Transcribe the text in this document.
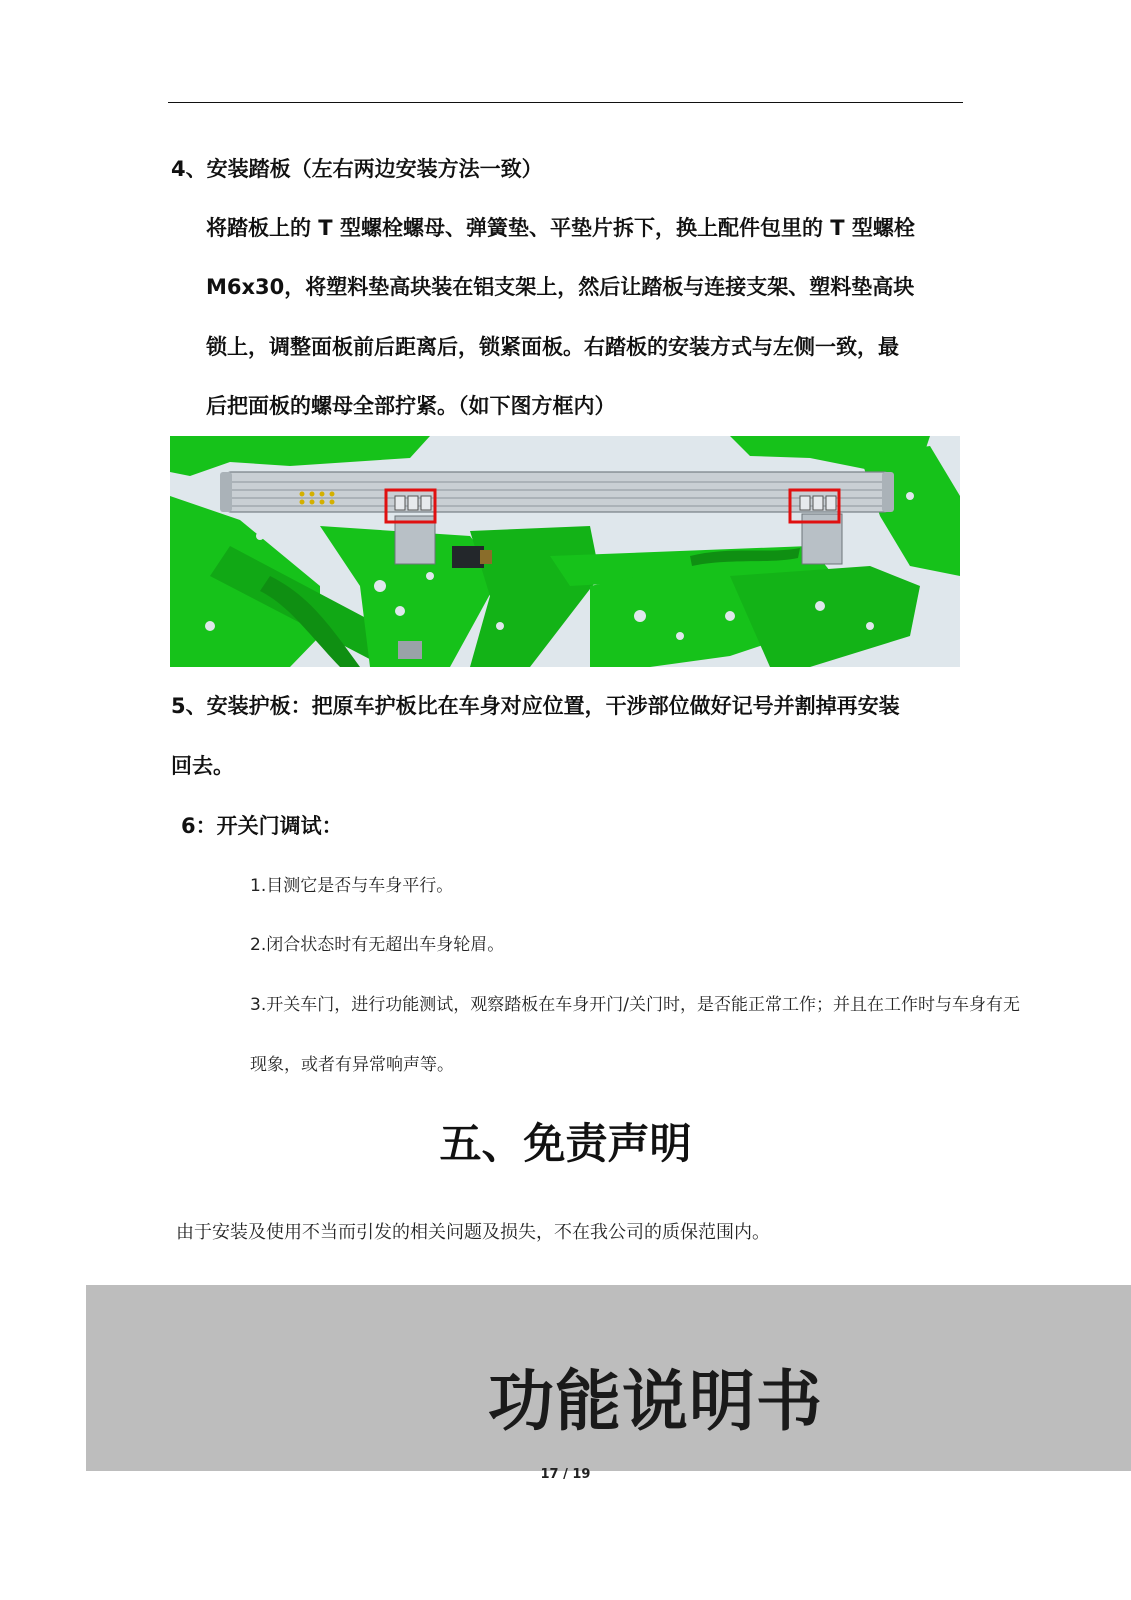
4、安装踏板（左右两边安装方法一致）
将踏板上的 T 型螺栓螺母、弹簧垫、平垫片拆下，换上配件包里的 T 型螺栓
M6x30，将塑料垫高块装在铝支架上，然后让踏板与连接支架、塑料垫高块
锁上，调整面板前后距离后，锁紧面板。右踏板的安装方式与左侧一致，最
后把面板的螺母全部拧紧。（如下图方框内）
5、安装护板：把原车护板比在车身对应位置，干涉部位做好记号并割掉再安装
回去。
6：开关门调试：
1.目测它是否与车身平行。
2.闭合状态时有无超出车身轮眉。
3.开关车门，进行功能测试，观察踏板在车身开门/关门时，是否能正常工作；并且在工作时与车身有无
现象，或者有异常响声等。
五、免责声明
由于安装及使用不当而引发的相关问题及损失，不在我公司的质保范围内。
功能说明书
17 / 19
